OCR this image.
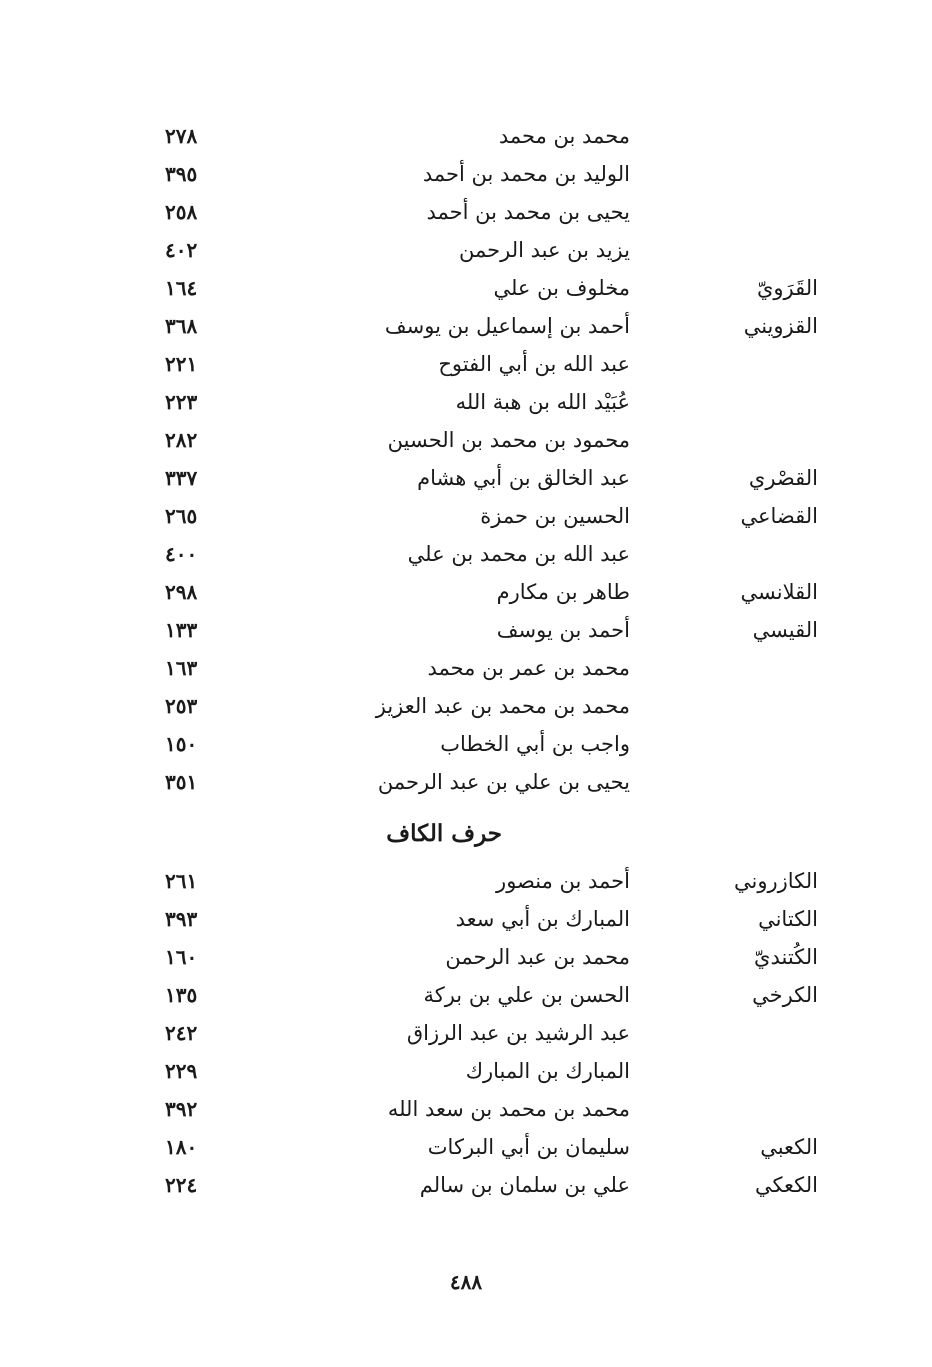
محمد بن محمد
٢٧٨
الوليد بن محمد بن أحمد
٣٩٥
يحيى بن محمد بن أحمد
٢٥٨
يزيد بن عبد الرحمن
٤٠٢
القَرَويّ
مخلوف بن علي
١٦٤
القزويني
أحمد بن إسماعيل بن يوسف
٣٦٨
عبد الله بن أبي الفتوح
٢٢١
عُبَيْد الله بن هبة الله
٢٢٣
محمود بن محمد بن الحسين
٢٨٢
القصْري
عبد الخالق بن أبي هشام
٣٣٧
القضاعي
الحسين بن حمزة
٢٦٥
عبد الله بن محمد بن علي
٤٠٠
القلانسي
طاهر بن مكارم
٢٩٨
القيسي
أحمد بن يوسف
١٣٣
محمد بن عمر بن محمد
١٦٣
محمد بن محمد بن عبد العزيز
٢٥٣
واجب بن أبي الخطاب
١٥٠
يحيى بن علي بن عبد الرحمن
٣٥١
حرف الكاف
الكازروني
أحمد بن منصور
٢٦١
الكتاني
المبارك بن أبي سعد
٣٩٣
الكُتنديّ
محمد بن عبد الرحمن
١٦٠
الكرخي
الحسن بن علي بن بركة
١٣٥
عبد الرشيد بن عبد الرزاق
٢٤٢
المبارك بن المبارك
٢٢٩
محمد بن محمد بن سعد الله
٣٩٢
الكعبي
سليمان بن أبي البركات
١٨٠
الكعكي
علي بن سلمان بن سالم
٢٢٤
٤٨٨
